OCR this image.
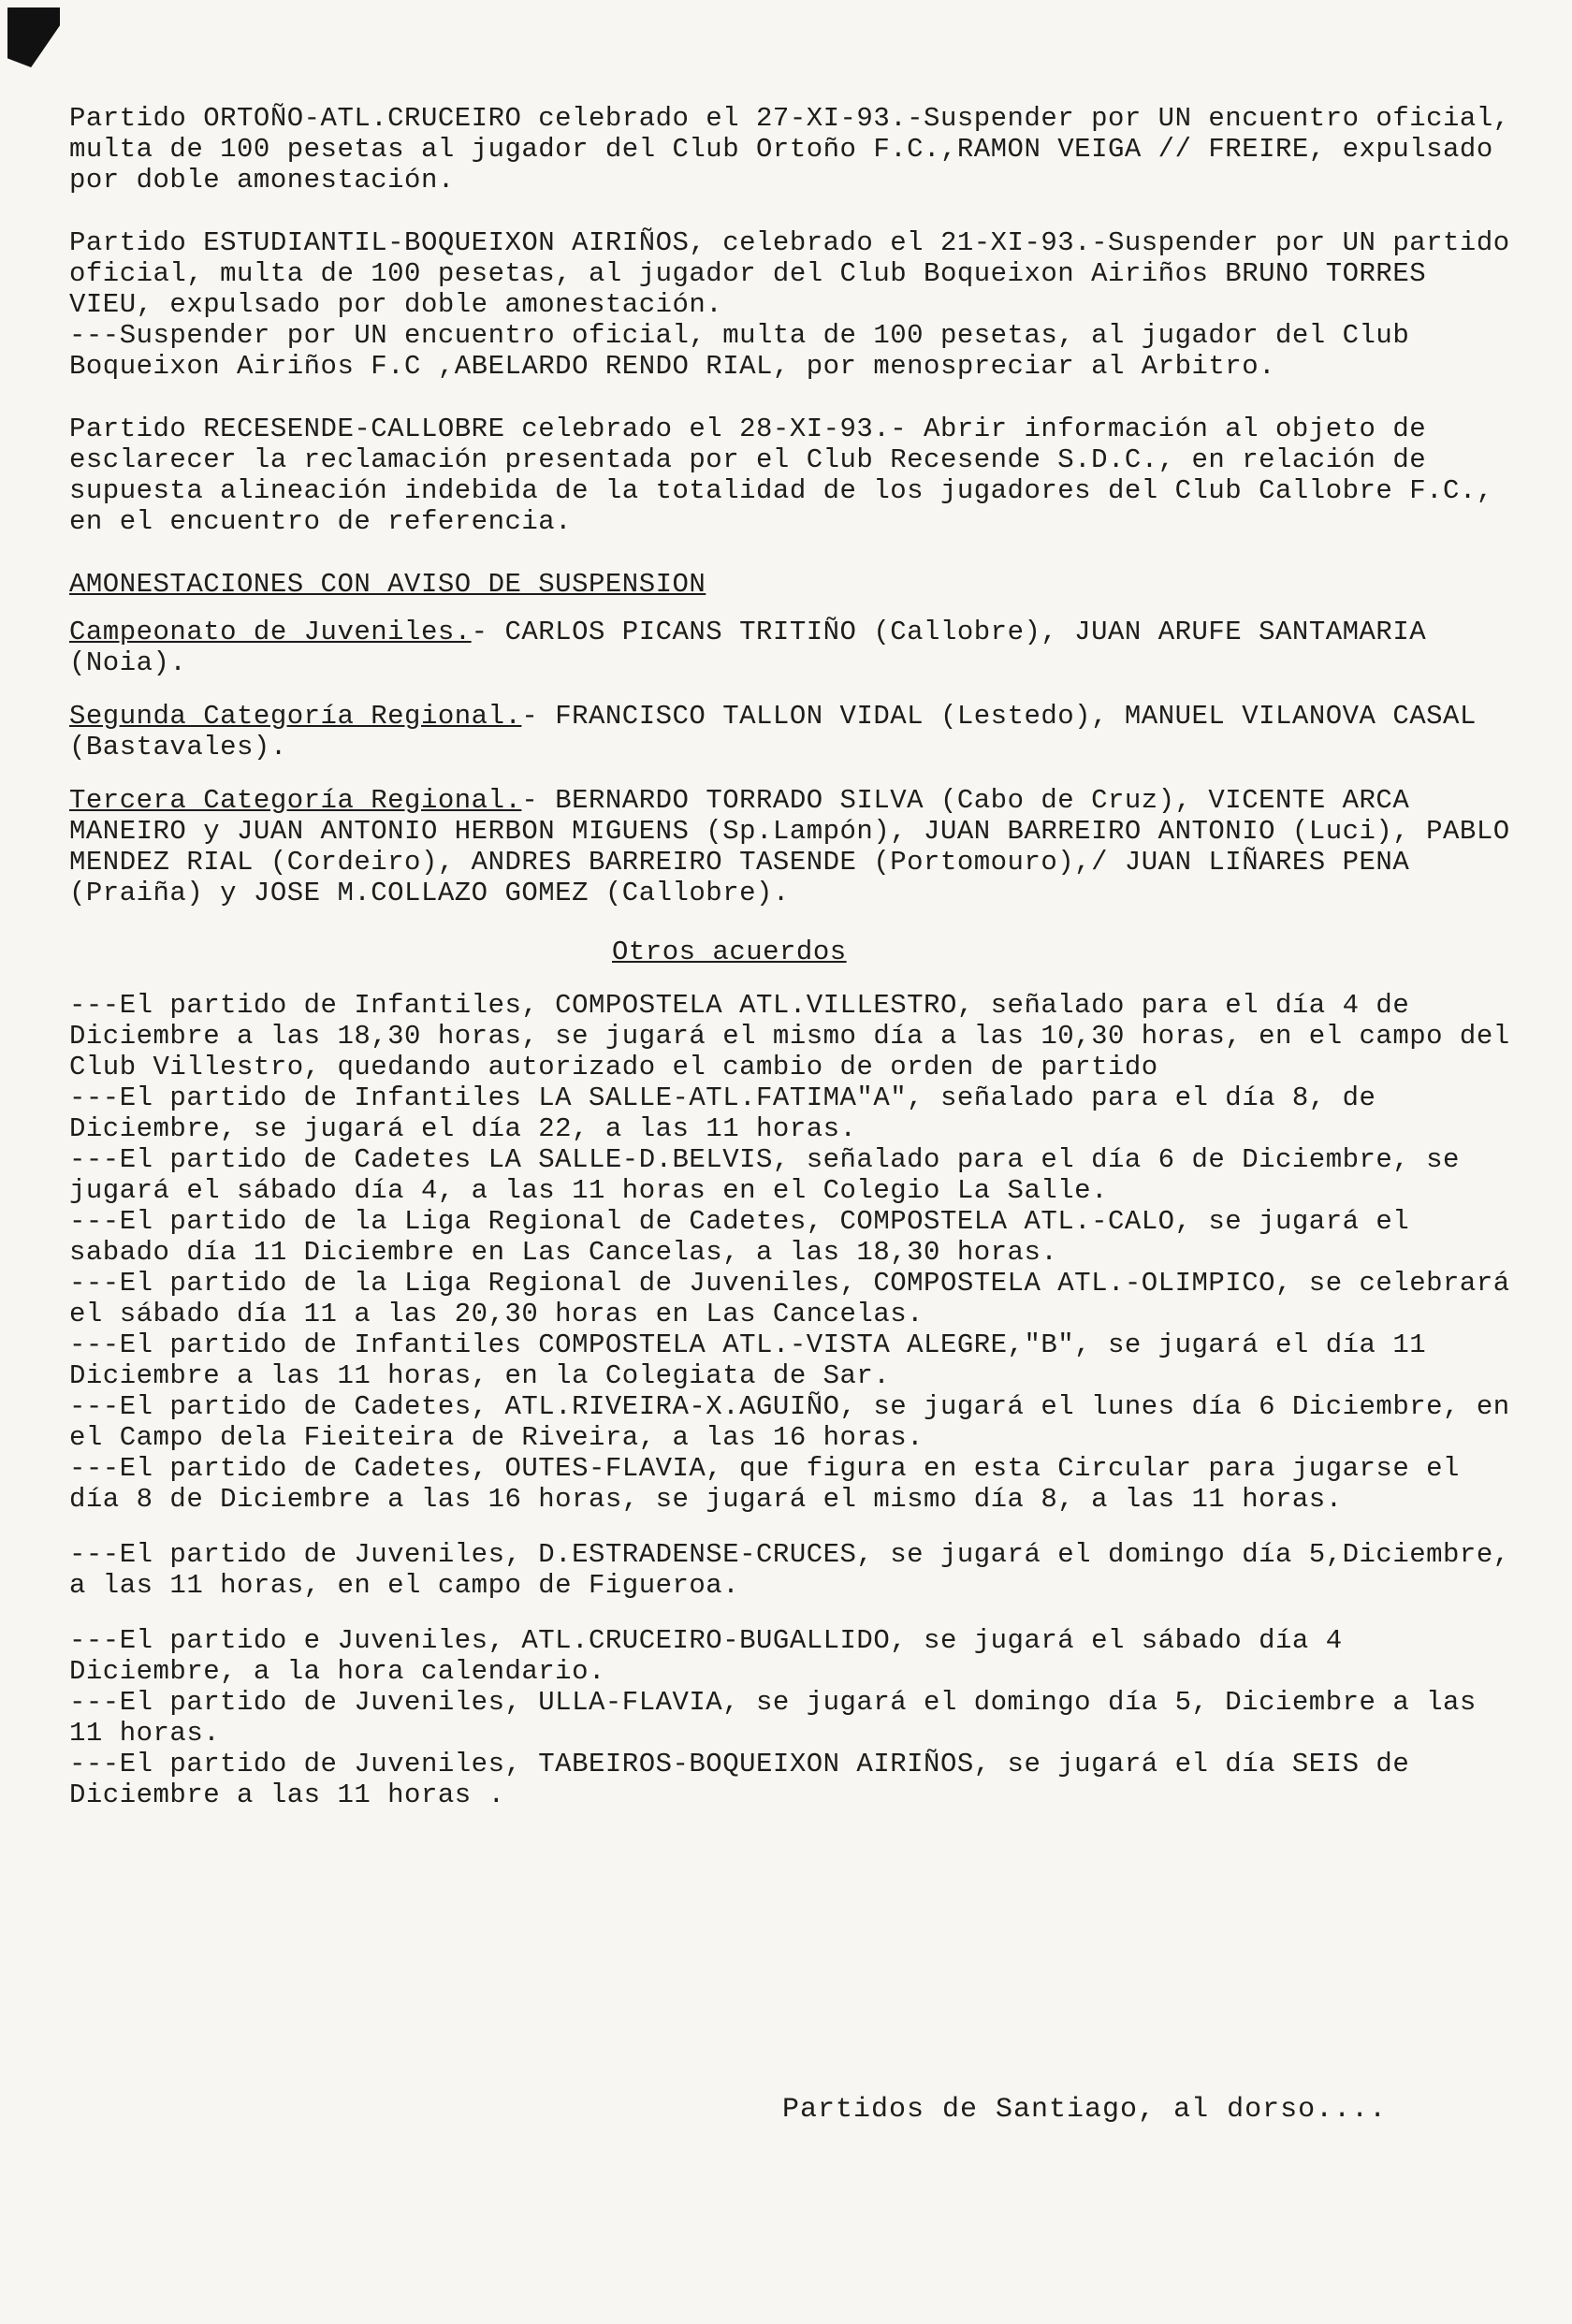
Partido ORTOÑO-ATL.CRUCEIRO celebrado el 27-XI-93.-Suspender por UN encuentro oficial, multa de 100 pesetas al jugador del Club Ortoño F.C.,RAMON VEIGA // FREIRE, expulsado por doble amonestación.

Partido ESTUDIANTIL-BOQUEIXON AIRIÑOS, celebrado el 21-XI-93.-Suspender por UN partido oficial, multa de 100 pesetas, al jugador del Club Boqueixon Airiños BRUNO TORRES VIEU, expulsado por doble amonestación.
---Suspender por UN encuentro oficial, multa de 100 pesetas, al jugador del Club Boqueixon Airiños F.C ,ABELARDO RENDO RIAL, por menospreciar al Arbitro.

Partido RECESENDE-CALLOBRE celebrado el 28-XI-93.- Abrir información al objeto de esclarecer la reclamación presentada por el Club Recesende S.D.C., en relación de supuesta alineación indebida de la totalidad de los jugadores del Club Callobre F.C., en el encuentro de referencia.

AMONESTACIONES CON AVISO DE SUSPENSION

Campeonato de Juveniles.- CARLOS PICANS TRITIÑO (Callobre), JUAN ARUFE SANTAMARIA (Noia).

Segunda Categoría Regional.- FRANCISCO TALLON VIDAL (Lestedo), MANUEL VILANOVA CASAL (Bastavales).

Tercera Categoría Regional.- BERNARDO TORRADO SILVA (Cabo de Cruz), VICENTE ARCA MANEIRO y JUAN ANTONIO HERBON MIGUENS (Sp.Lampón), JUAN BARREIRO ANTONIO (Luci), PABLO MENDEZ RIAL (Cordeiro), ANDRES BARREIRO TASENDE (Portomouro),/ JUAN LIÑARES PENA (Praiña) y JOSE M.COLLAZO GOMEZ (Callobre).

Otros acuerdos

---El partido de Infantiles, COMPOSTELA ATL.VILLESTRO, señalado para el día 4 de Diciembre a las 18,30 horas, se jugará el mismo día a las 10,30 horas, en el campo del Club Villestro, quedando autorizado el cambio de orden de partido

---El partido de Infantiles LA SALLE-ATL.FATIMA"A", señalado para el día 8, de Diciembre, se jugará el día 22, a las 11 horas.

---El partido de Cadetes LA SALLE-D.BELVIS, señalado para el día 6 de Diciembre, se jugará el sábado día 4, a las 11 horas en el Colegio La Salle.

---El partido de la Liga Regional de Cadetes, COMPOSTELA ATL.-CALO, se jugará el sabado día 11 Diciembre en Las Cancelas, a las 18,30 horas.

---El partido de la Liga Regional de Juveniles, COMPOSTELA ATL.-OLIMPICO, se celebrará el sábado día 11 a las 20,30 horas en Las Cancelas.

---El partido de Infantiles COMPOSTELA ATL.-VISTA ALEGRE,"B", se jugará el día 11 Diciembre a las 11 horas, en la Colegiata de Sar.

---El partido de Cadetes, ATL.RIVEIRA-X.AGUIÑO, se jugará el lunes día 6 Diciembre, en el Campo dela Fieiteira de Riveira, a las 16 horas.

---El partido de Cadetes, OUTES-FLAVIA, que figura en esta Circular para jugarse el día 8 de Diciembre a las 16 horas, se jugará el mismo día 8, a las 11 horas.

---El partido de Juveniles, D.ESTRADENSE-CRUCES, se jugará el domingo día 5,Diciembre, a las 11 horas, en el campo de Figueroa.

---El partido e Juveniles, ATL.CRUCEIRO-BUGALLIDO, se jugará el sábado día 4 Diciembre, a la hora calendario.

---El partido de Juveniles, ULLA-FLAVIA, se jugará el domingo día 5, Diciembre a las 11 horas.

---El partido de Juveniles, TABEIROS-BOQUEIXON AIRIÑOS, se jugará el día SEIS de Diciembre a las 11 horas .

Partidos de Santiago, al dorso....
